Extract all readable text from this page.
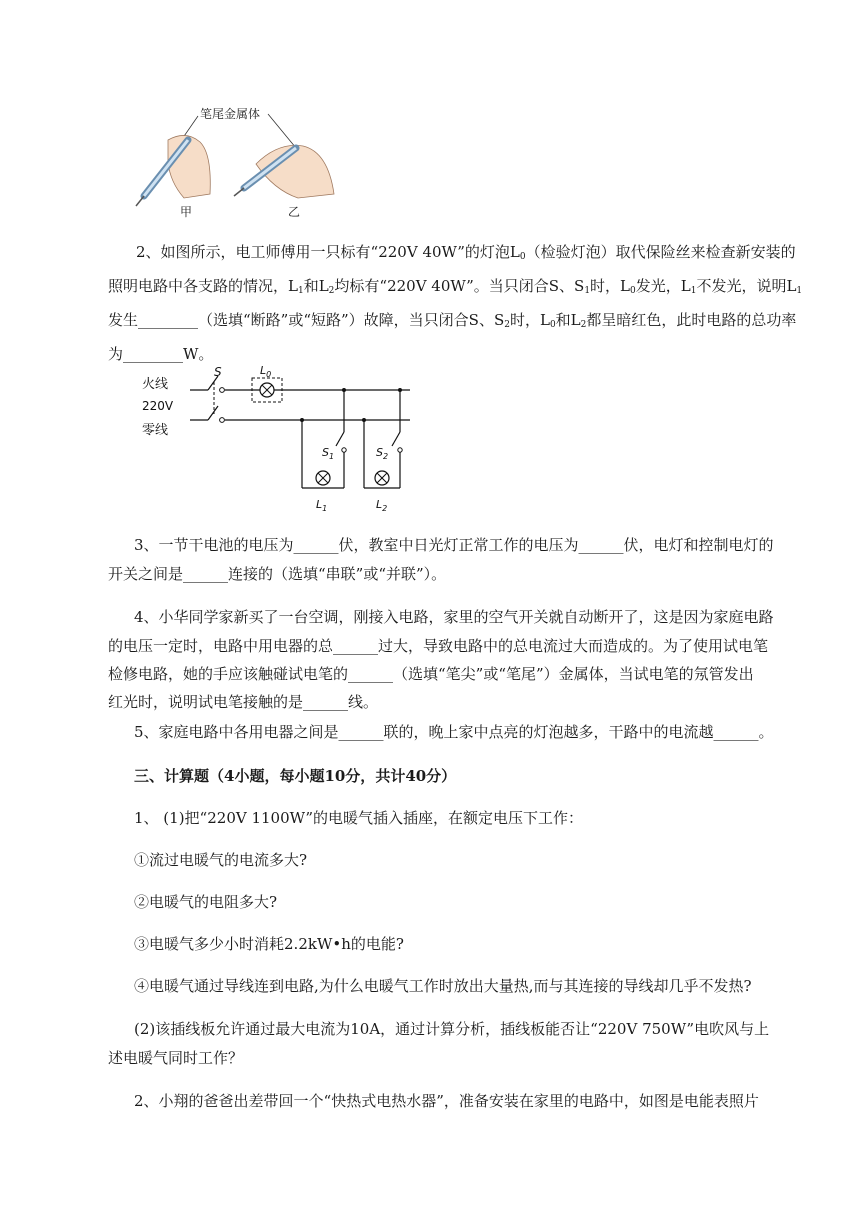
笔尾金属体
甲	乙

2、如图所示，电工师傅用一只标有“220V 40W”的灯泡$L_0$（检验灯泡）取代保险丝来检查新安装的照明电路中各支路的情况，$L_1$和$L_2$均标有“220V 40W”。当只闭合S、$S_1$时，$L_0$发光，$L_1$不发光，说明$L_1$发生________（选填“断路”或“短路”）故障，当只闭合S、$S_2$时，$L_0$和$L_2$都呈暗红色，此时电路的总功率为________W。

火线
220V
零线
S	$L_0$
$S_1$
$L_1$
$S_2$
$L_2$
3、一节干电池的电压为______伏，教室中日光灯正常工作的电压为______伏，电灯和控制电灯的
开关之间是______连接的（选填“串联”或“并联”）。
4、小华同学家新买了一台空调，刚接入电路，家里的空气开关就自动断开了，这是因为家庭电路
的电压一定时，电路中用电器的总______过大，导致电路中的总电流过大而造成的。为了使用试电笔
检修电路，她的手应该触碰试电笔的______（选填“笔尖”或“笔尾”）金属体，当试电笔的氖管发出
红光时，说明试电笔接触的是______线。
5、家庭电路中各用电器之间是______联的，晚上家中点亮的灯泡越多，干路中的电流越______。
三、计算题（4小题，每小题10分，共计40分）
1、 (1)把“220V 1100W”的电暖气插入插座，在额定电压下工作：
①流过电暖气的电流多大?
②电暖气的电阻多大?
③电暖气多少小时消耗2.2kW•h的电能?
④电暖气通过导线连到电路,为什么电暖气工作时放出大量热,而与其连接的导线却几乎不发热?
(2)该插线板允许通过最大电流为10A，通过计算分析，插线板能否让“220V 750W”电吹风与上
述电暖气同时工作？
2、小翔的爸爸出差带回一个“快热式电热水器”，准备安装在家里的电路中，如图是电能表照片
